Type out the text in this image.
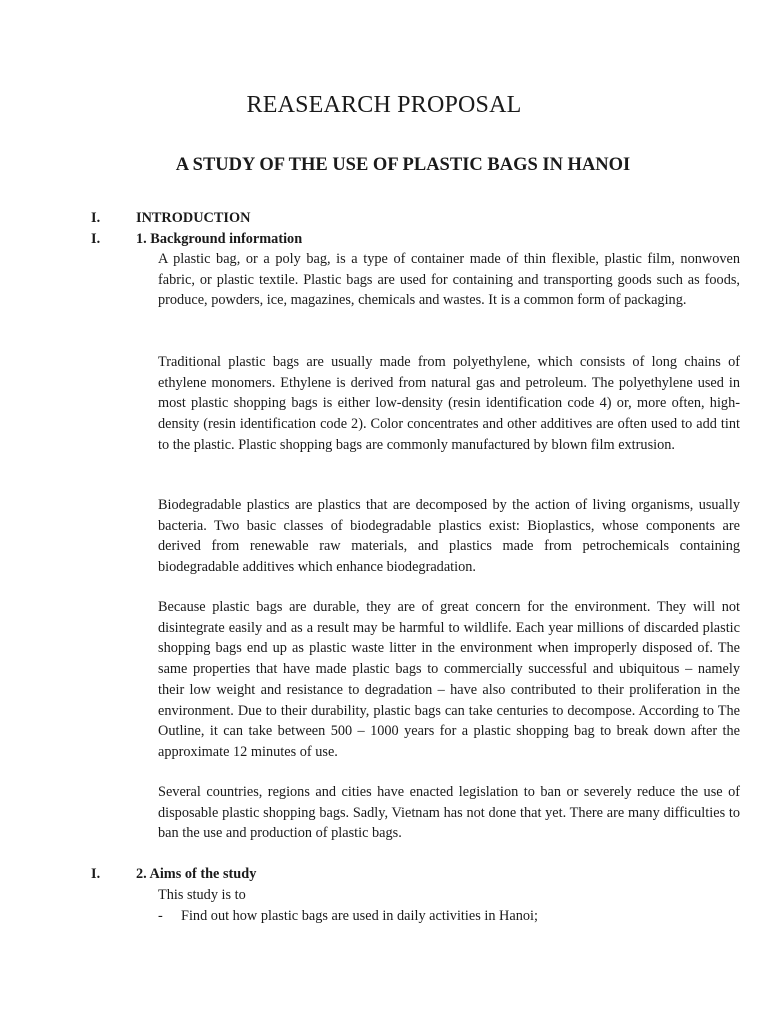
REASEARCH PROPOSAL
A STUDY OF THE USE OF PLASTIC BAGS IN HANOI
I.	INTRODUCTION
I.	1. Background information

A plastic bag, or a poly bag, is a type of container made of thin flexible, plastic film, nonwoven fabric, or plastic textile. Plastic bags are used for containing and transporting goods such as foods, produce, powders, ice, magazines, chemicals and wastes. It is a common form of packaging.

Traditional plastic bags are usually made from polyethylene, which consists of long chains of ethylene monomers. Ethylene is derived from natural gas and petroleum. The polyethylene used in most plastic shopping bags is either low-density (resin identification code 4) or, more often, high-density (resin identification code 2). Color concentrates and other additives are often used to add tint to the plastic. Plastic shopping bags are commonly manufactured by blown film extrusion.

Biodegradable plastics are plastics that are decomposed by the action of living organisms, usually bacteria. Two basic classes of biodegradable plastics exist: Bioplastics, whose components are derived from renewable raw materials, and plastics made from petrochemicals containing biodegradable additives which enhance biodegradation.

Because plastic bags are durable, they are of great concern for the environment. They will not disintegrate easily and as a result may be harmful to wildlife. Each year millions of discarded plastic shopping bags end up as plastic waste litter in the environment when improperly disposed of. The same properties that have made plastic bags to commercially successful and ubiquitous – namely their low weight and resistance to degradation – have also contributed to their proliferation in the environment. Due to their durability, plastic bags can take centuries to decompose. According to The Outline, it can take between 500 – 1000 years for a plastic shopping bag to break down after the approximate 12 minutes of use.

Several countries, regions and cities have enacted legislation to ban or severely reduce the use of disposable plastic shopping bags. Sadly, Vietnam has not done that yet. There are many difficulties to ban the use and production of plastic bags.

I.	2. Aims of the study
This study is to
- Find out how plastic bags are used in daily activities in Hanoi;
